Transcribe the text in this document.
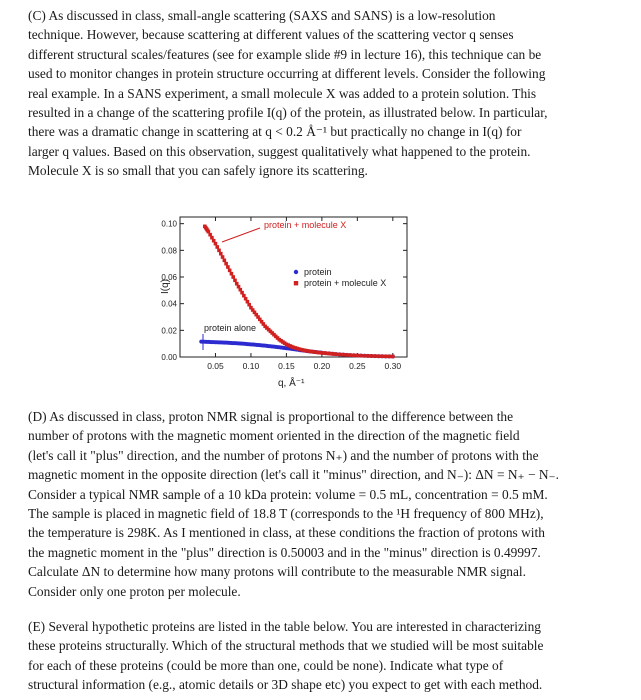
(C) As discussed in class, small-angle scattering (SAXS and SANS) is a low-resolution

technique. However, because scattering at different values of the scattering vector q senses

different structural scales/features (see for example slide #9 in lecture 16), this technique can be

used to monitor changes in protein structure occurring at different levels. Consider the following

real example. In a SANS experiment, a small molecule X was added to a protein solution. This

resulted in a change of the scattering profile I(q) of the protein, as illustrated below. In particular,

there was a dramatic change in scattering at q < 0.2 Å⁻¹ but practically no change in I(q) for

larger q values. Based on this observation, suggest qualitatively what happened to the protein.

Molecule X is so small that you can safely ignore its scattering.

0.05 0.10 0.15 0.20 0.25 0.30
0.00
0.02
0.04
0.06
0.08
0.10	protein + molecule X
protein alone
protein
protein + molecule X
I(q)
q, Å⁻¹

(D) As discussed in class, proton NMR signal is proportional to the difference between the

number of protons with the magnetic moment oriented in the direction of the magnetic field

(let's call it "plus" direction, and the number of protons N₊) and the number of protons with the

magnetic moment in the opposite direction (let's call it "minus" direction, and N₋): ΔN = N₊ − N₋.

Consider a typical NMR sample of a 10 kDa protein: volume = 0.5 mL, concentration = 0.5 mM.

The sample is placed in magnetic field of 18.8 T (corresponds to the ¹H frequency of 800 MHz),

the temperature is 298K. As I mentioned in class, at these conditions the fraction of protons with

the magnetic moment in the "plus" direction is 0.50003 and in the "minus" direction is 0.49997.

Calculate ΔN to determine how many protons will contribute to the measurable NMR signal.

Consider only one proton per molecule.

(E) Several hypothetic proteins are listed in the table below. You are interested in characterizing

these proteins structurally. Which of the structural methods that we studied will be most suitable

for each of these proteins (could be more than one, could be none). Indicate what type of

structural information (e.g., atomic details or 3D shape etc) you expect to get with each method.
